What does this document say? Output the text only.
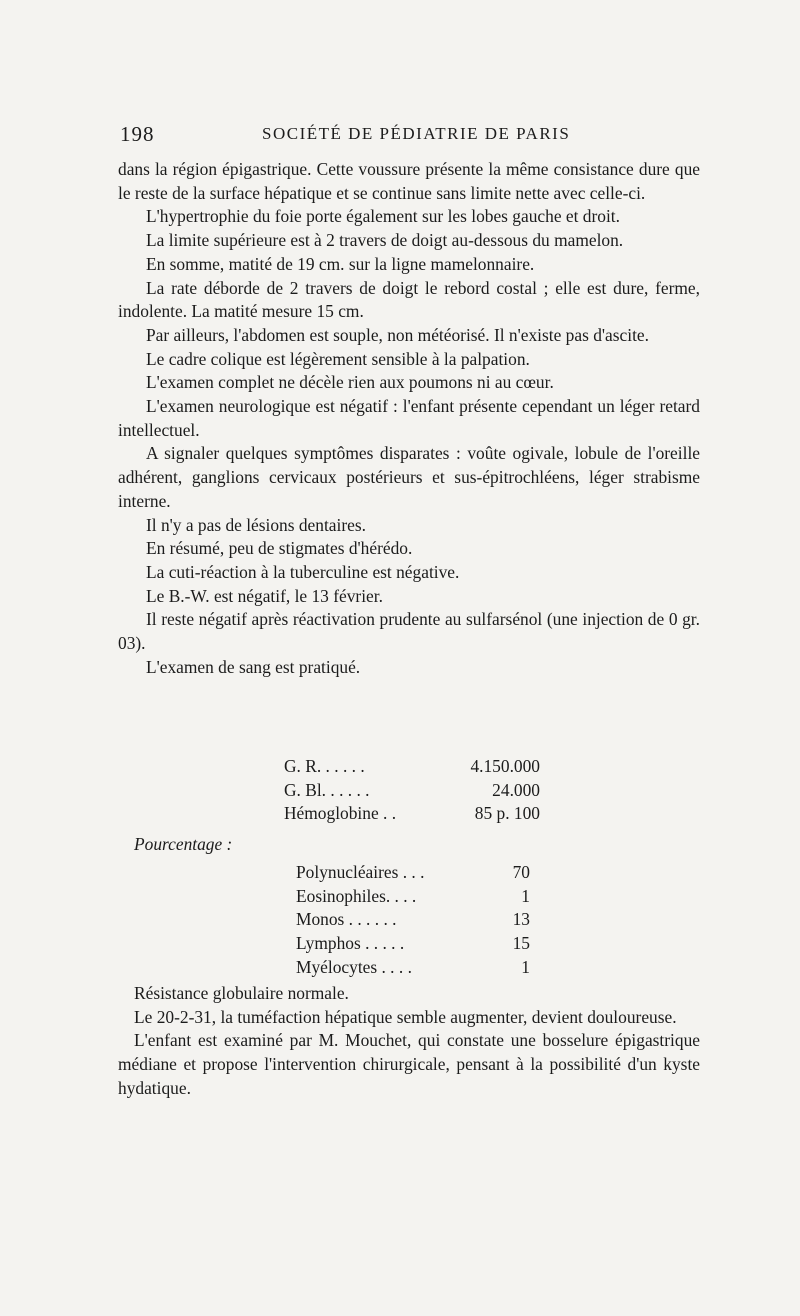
198	SOCIÉTÉ DE PÉDIATRIE DE PARIS

dans la région épigastrique. Cette voussure présente la même consistance dure que le reste de la surface hépatique et se continue sans limite nette avec celle-ci.

L'hypertrophie du foie porte également sur les lobes gauche et droit.

La limite supérieure est à 2 travers de doigt au-dessous du mamelon.

En somme, matité de 19 cm. sur la ligne mamelonnaire.

La rate déborde de 2 travers de doigt le rebord costal ; elle est dure, ferme, indolente. La matité mesure 15 cm.

Par ailleurs, l'abdomen est souple, non météorisé. Il n'existe pas d'ascite.

Le cadre colique est légèrement sensible à la palpation.

L'examen complet ne décèle rien aux poumons ni au cœur.

L'examen neurologique est négatif : l'enfant présente cependant un léger retard intellectuel.

A signaler quelques symptômes disparates : voûte ogivale, lobule de l'oreille adhérent, ganglions cervicaux postérieurs et sus-épitrochléens, léger strabisme interne.

Il n'y a pas de lésions dentaires.

En résumé, peu de stigmates d'hérédo.

La cuti-réaction à la tuberculine est négative.

Le B.-W. est négatif, le 13 février.

Il reste négatif après réactivation prudente au sulfarsénol (une injection de 0 gr. 03).

L'examen de sang est pratiqué.

G. R. . . . . .	4.150.000
G. Bl. . . . . .	24.000
Hémoglobine . .	85 p. 100
Pourcentage :
Polynucléaires . . .	70
Eosinophiles. . . .	1
Monos . . . . . .	13
Lymphos . . . . .	15
Myélocytes . . . .	1

Résistance globulaire normale.

Le 20-2-31, la tuméfaction hépatique semble augmenter, devient douloureuse.

L'enfant est examiné par M. Mouchet, qui constate une bosselure épigastrique médiane et propose l'intervention chirurgicale, pensant à la possibilité d'un kyste hydatique.
